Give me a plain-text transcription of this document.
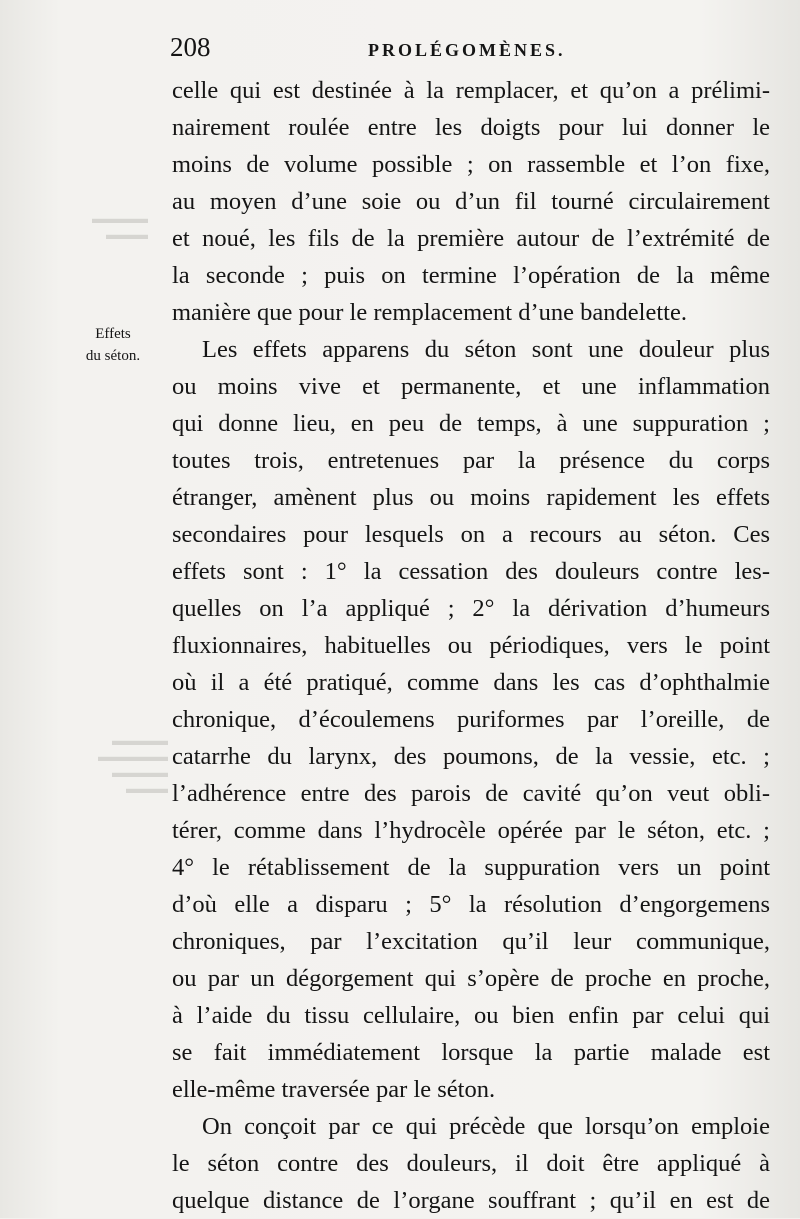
▬▬▬▬
▬▬▬
▬▬▬▬
▬▬▬▬▬
▬▬▬▬
▬▬▬
208	PROLÉGOMÈNES.
Effets
du séton.
celle qui est destinée à la remplacer, et qu’on a prélimi-
nairement roulée entre les doigts pour lui donner le
moins de volume possible ; on rassemble et l’on fixe,
au moyen d’une soie ou d’un fil tourné circulairement
et noué, les fils de la première autour de l’extrémité de
la seconde ; puis on termine l’opération de la même
manière que pour le remplacement d’une bandelette.
Les effets apparens du séton sont une douleur plus
ou moins vive et permanente, et une inflammation
qui donne lieu, en peu de temps, à une suppuration ;
toutes trois, entretenues par la présence du corps
étranger, amènent plus ou moins rapidement les effets
secondaires pour lesquels on a recours au séton. Ces
effets sont : 1° la cessation des douleurs contre les-
quelles on l’a appliqué ; 2° la dérivation d’humeurs
fluxionnaires, habituelles ou périodiques, vers le point
où il a été pratiqué, comme dans les cas d’ophthalmie
chronique, d’écoulemens puriformes par l’oreille, de
catarrhe du larynx, des poumons, de la vessie, etc. ;
l’adhérence entre des parois de cavité qu’on veut obli-
térer, comme dans l’hydrocèle opérée par le séton, etc. ;
4° le rétablissement de la suppuration vers un point
d’où elle a disparu ; 5° la résolution d’engorgemens
chroniques, par l’excitation qu’il leur communique,
ou par un dégorgement qui s’opère de proche en proche,
à l’aide du tissu cellulaire, ou bien enfin par celui qui
se fait immédiatement lorsque la partie malade est
elle-même traversée par le séton.
On conçoit par ce qui précède que lorsqu’on emploie
le séton contre des douleurs, il doit être appliqué à
quelque distance de l’organe souffrant ; qu’il en est de
